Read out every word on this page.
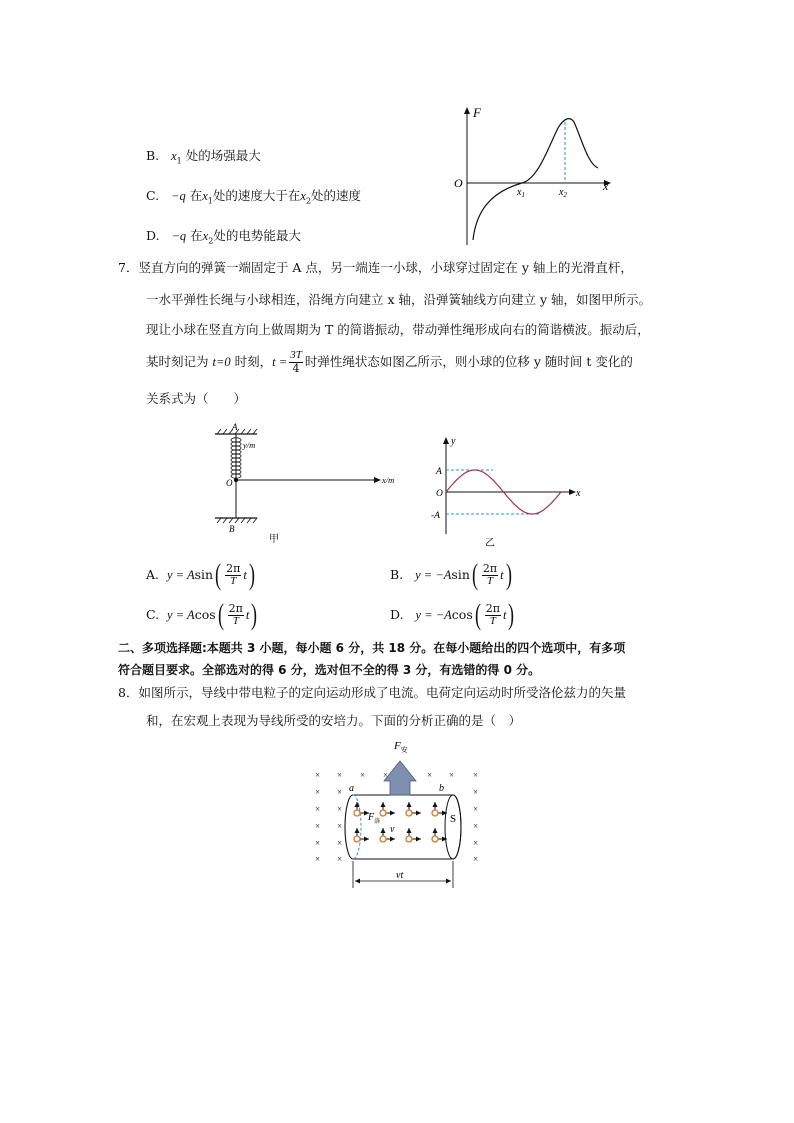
B. $x_1$ 处的场强最大
C. −q 在$x_1$处的速度大于在$x_2$处的速度
D. −q 在$x_2$处的电势能最大
F
x
O
$x_1$	$x_2$
7．竖直方向的弹簧一端固定于 A 点，另一端连一小球，小球穿过固定在 y 轴上的光滑直杆，
一水平弹性长绳与小球相连，沿绳方向建立 x 轴，沿弹簧轴线方向建立 y 轴，如图甲所示。
现让小球在竖直方向上做周期为 T 的简谐振动，带动弹性绳形成向右的简谐横波。振动后，
某时刻记为
t=0
时刻， $t = \frac{3T}{4}$ 时弹性绳状态如图乙所示，则小球的位移 y 随时间 t 变化的
关系式为（　　）
A
y/m
x/m
O
B
甲
y
x
A
O
-A
乙
A.
y = A sin ( $\frac{2\pi}{T}$ t )	B.
y = −A sin ( $\frac{2\pi}{T}$ t )
C.
y = A cos ( $\frac{2\pi}{T}$ t )	D.
y = −A cos ( $\frac{2\pi}{T}$ t )
二、多项选择题:本题共 3 小题，每小题 6 分，共 18 分。在每小题给出的四个选项中，有多项
符合题目要求。全部选对的得 6 分，选对但不全的得 3 分，有选错的得 0 分。
8．如图所示，导线中带电粒子的定向运动形成了电流。电荷定向运动时所受洛伦兹力的矢量
和，在宏观上表现为导线所受的安培力。下面的分析正确的是（　）
× × × ×	× × ×
× ×	×
× ×	×
× ×	×
× ×	×
× ×	×
$F_安$
a	b
S
$F_洛$
v
vt
